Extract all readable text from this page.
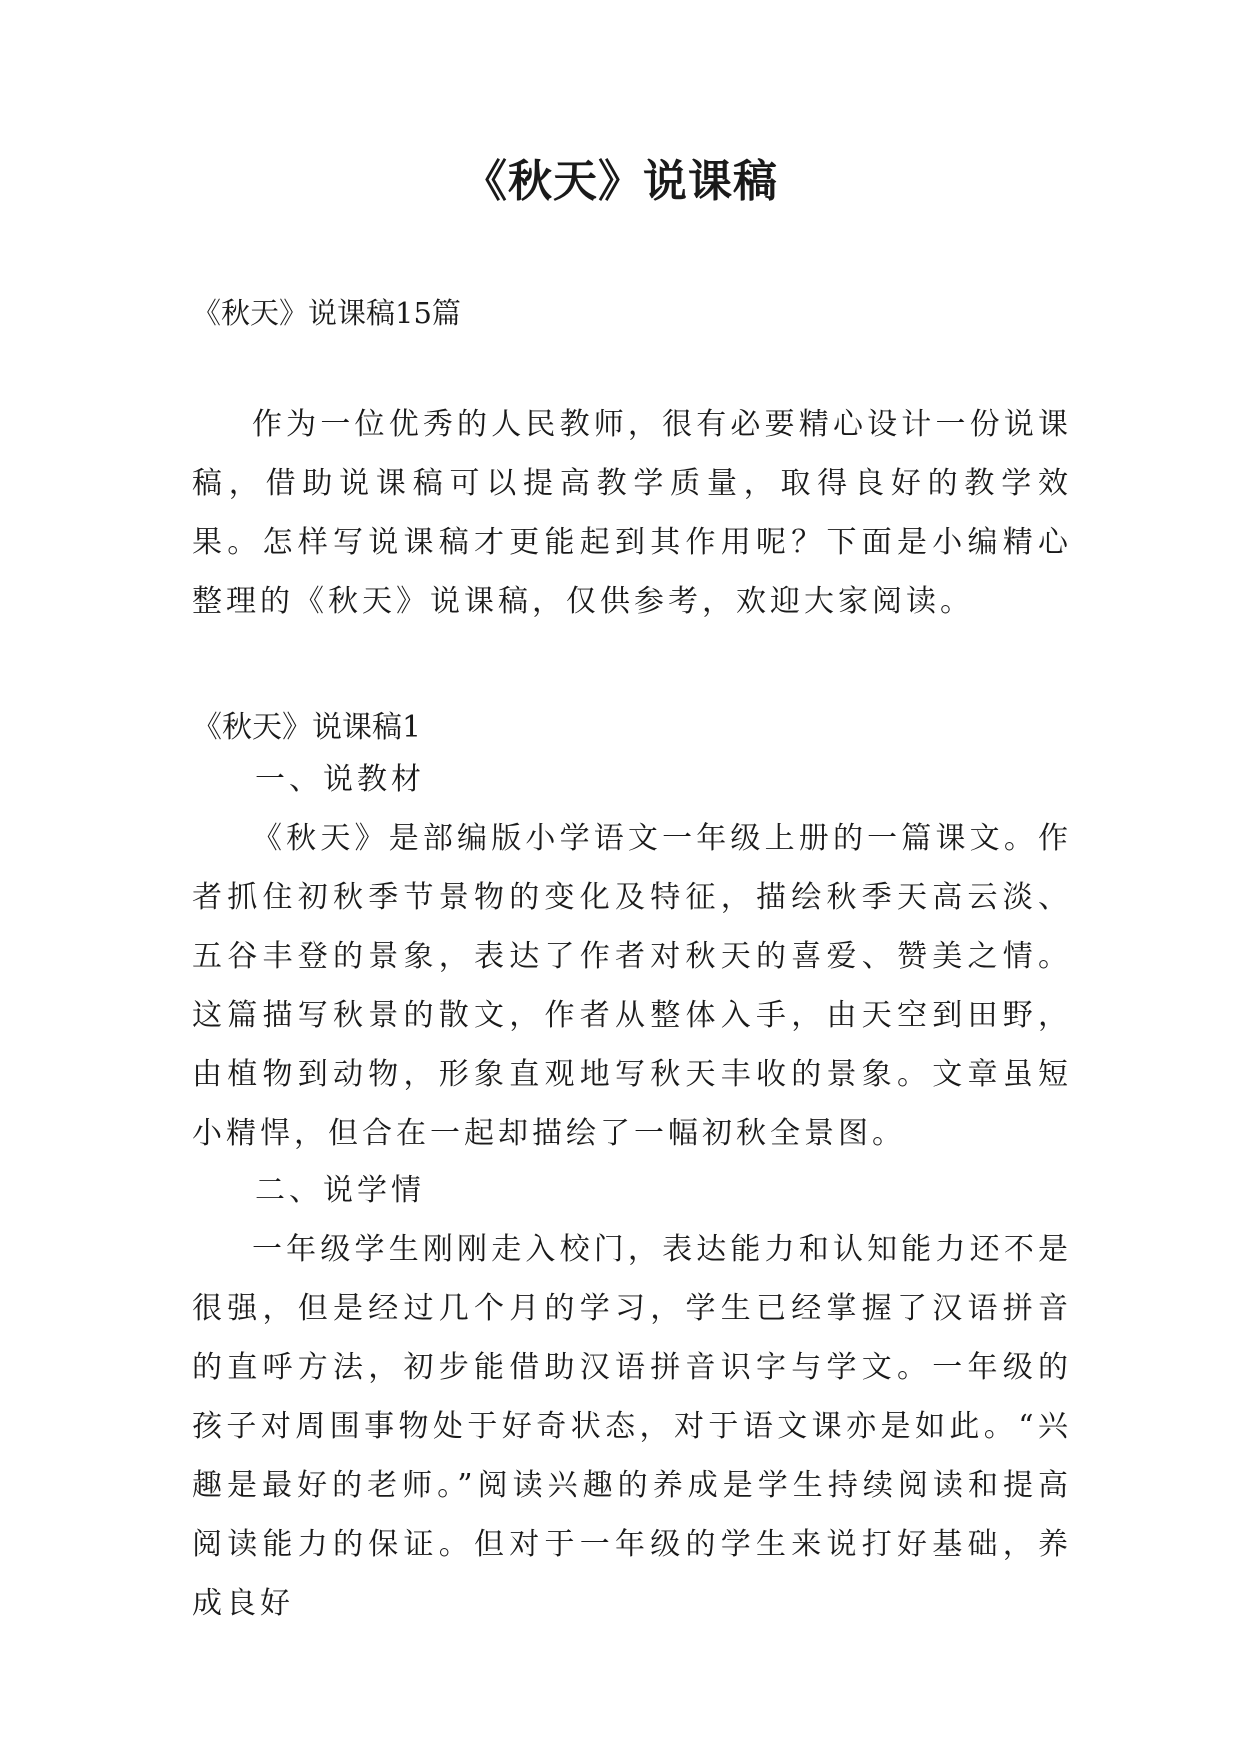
《秋天》说课稿

《秋天》说课稿15篇

作为一位优秀的人民教师，很有必要精心设计一份说课稿，借助说课稿可以提高教学质量，取得良好的教学效果。怎样写说课稿才更能起到其作用呢？下面是小编精心整理的《秋天》说课稿，仅供参考，欢迎大家阅读。

《秋天》说课稿1

一、说教材

《秋天》是部编版小学语文一年级上册的一篇课文。作者抓住初秋季节景物的变化及特征，描绘秋季天高云淡、五谷丰登的景象，表达了作者对秋天的喜爱、赞美之情。这篇描写秋景的散文，作者从整体入手，由天空到田野，由植物到动物，形象直观地写秋天丰收的景象。文章虽短小精悍，但合在一起却描绘了一幅初秋全景图。

二、说学情

一年级学生刚刚走入校门，表达能力和认知能力还不是很强，但是经过几个月的学习，学生已经掌握了汉语拼音的直呼方法，初步能借助汉语拼音识字与学文。一年级的孩子对周围事物处于好奇状态，对于语文课亦是如此。“兴趣是最好的老师。”阅读兴趣的养成是学生持续阅读和提高阅读能力的保证。但对于一年级的学生来说打好基础，养成良好
